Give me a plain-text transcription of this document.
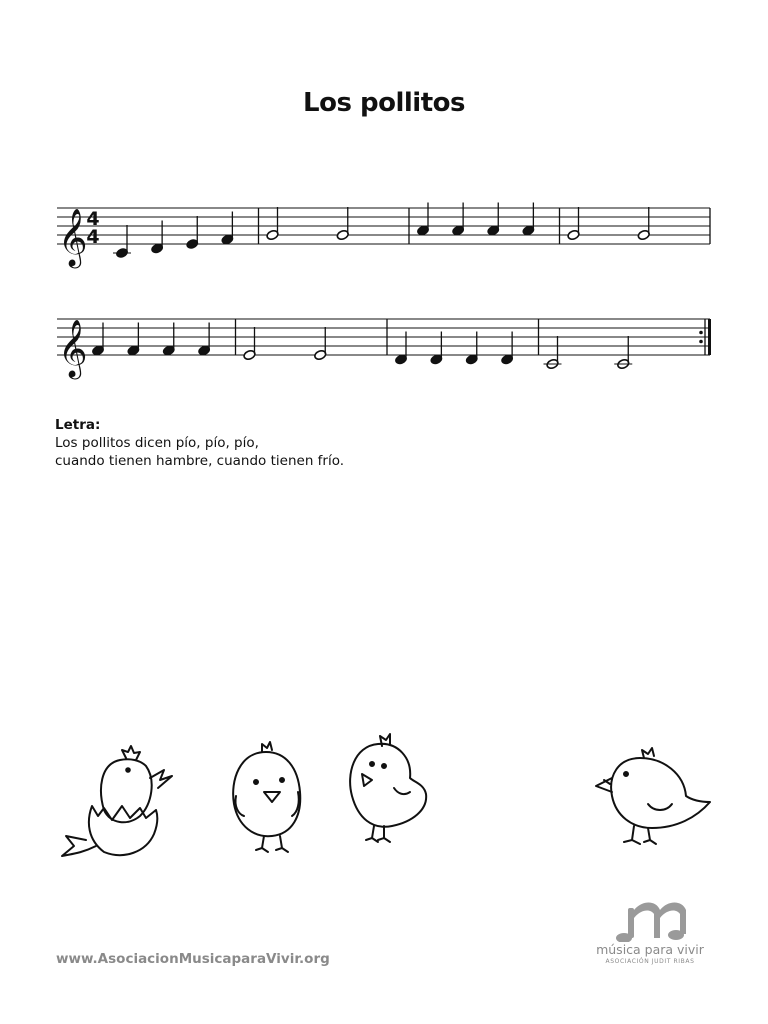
Los pollitos
𝄞
4
4
𝄞
Letra:
Los pollitos dicen pío, pío, pío,
cuando tienen hambre, cuando tienen frío.
www.AsociacionMusicaparaVivir.org
música para vivir
ASOCIACIÓN JUDIT RIBAS
